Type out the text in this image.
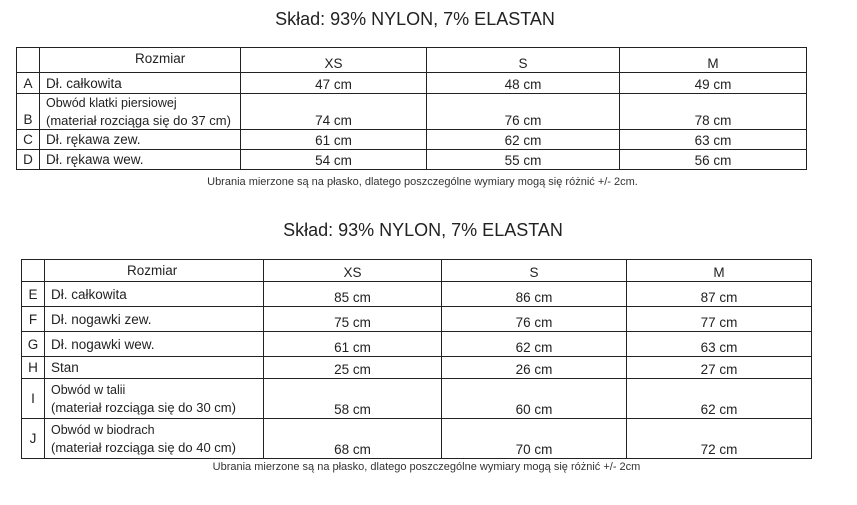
Skład: 93% NYLON, 7% ELASTAN
	Rozmiar	XS	S	M
A	Dł. całkowita	47 cm	48 cm	49 cm
B	Obwód klatki piersiowej
(materiał rozciąga się do 37 cm)	74 cm	76 cm	78 cm
C	Dł. rękawa zew.	61 cm	62 cm	63 cm
D	Dł. rękawa wew.	54 cm	55 cm	56 cm
Ubrania mierzone są na płasko, dlatego poszczególne wymiary mogą się różnić +/- 2cm.
Skład: 93% NYLON, 7% ELASTAN
	Rozmiar	XS	S	M
E	Dł. całkowita	85 cm	86 cm	87 cm
F	Dł. nogawki zew.	75 cm	76 cm	77 cm
G	Dł. nogawki wew.	61 cm	62 cm	63 cm
H	Stan	25 cm	26 cm	27 cm
I	Obwód w talii
(materiał rozciąga się do 30 cm)	58 cm	60 cm	62 cm
J	Obwód w biodrach
(materiał rozciąga się do 40 cm)	68 cm	70 cm	72 cm
Ubrania mierzone są na płasko, dlatego poszczególne wymiary mogą się różnić +/- 2cm
